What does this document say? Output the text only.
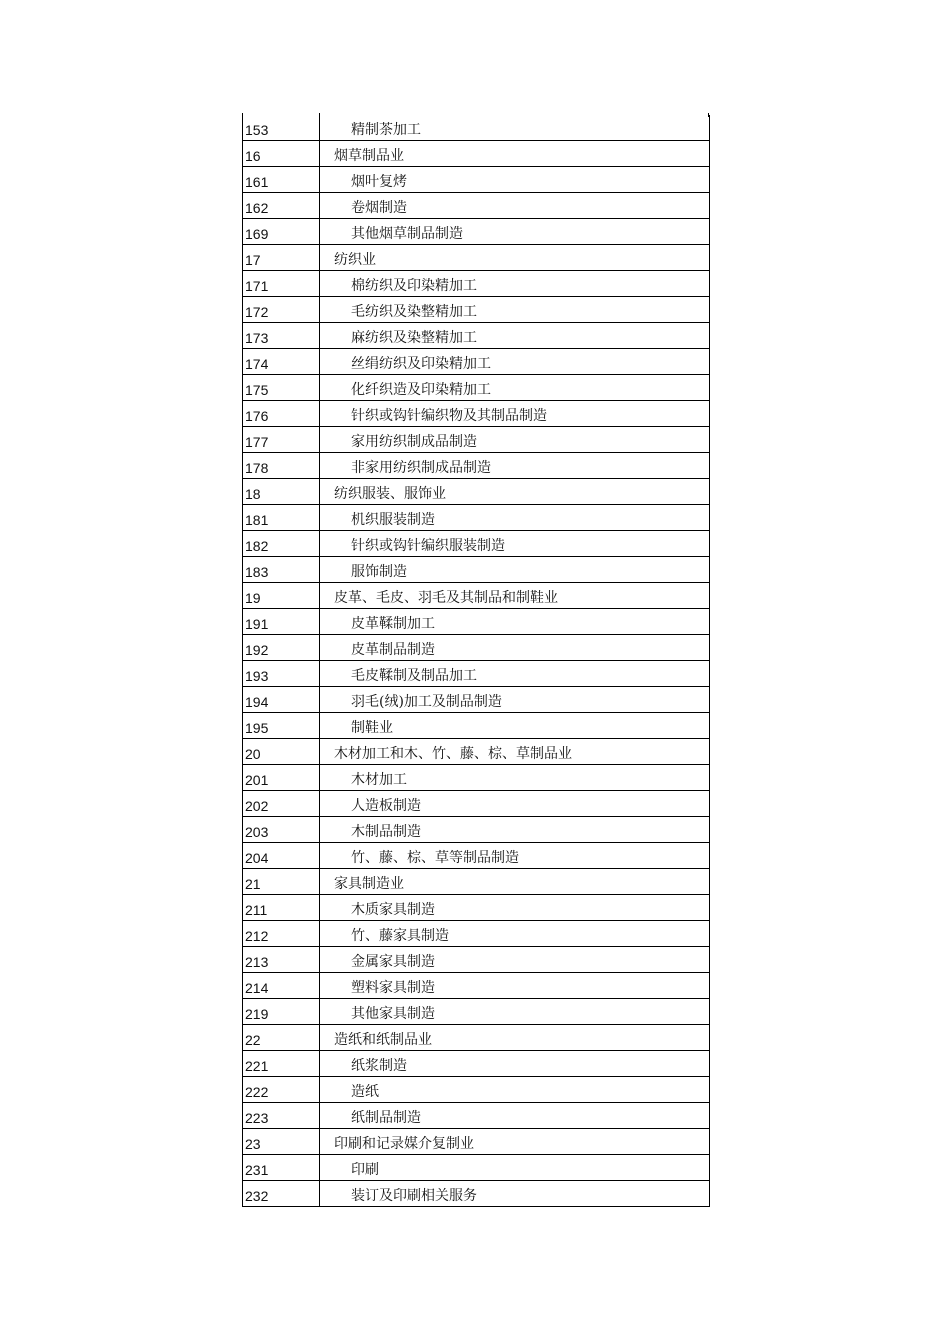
153	精制茶加工
16	烟草制品业
161	烟叶复烤
162	卷烟制造
169	其他烟草制品制造
17	纺织业
171	棉纺织及印染精加工
172	毛纺织及染整精加工
173	麻纺织及染整精加工
174	丝绢纺织及印染精加工
175	化纤织造及印染精加工
176	针织或钩针编织物及其制品制造
177	家用纺织制成品制造
178	非家用纺织制成品制造
18	纺织服装、服饰业
181	机织服装制造
182	针织或钩针编织服装制造
183	服饰制造
19	皮革、毛皮、羽毛及其制品和制鞋业
191	皮革鞣制加工
192	皮革制品制造
193	毛皮鞣制及制品加工
194	羽毛(绒)加工及制品制造
195	制鞋业
20	木材加工和木、竹、藤、棕、草制品业
201	木材加工
202	人造板制造
203	木制品制造
204	竹、藤、棕、草等制品制造
21	家具制造业
211	木质家具制造
212	竹、藤家具制造
213	金属家具制造
214	塑料家具制造
219	其他家具制造
22	造纸和纸制品业
221	纸浆制造
222	造纸
223	纸制品制造
23	印刷和记录媒介复制业
231	印刷
232	装订及印刷相关服务
